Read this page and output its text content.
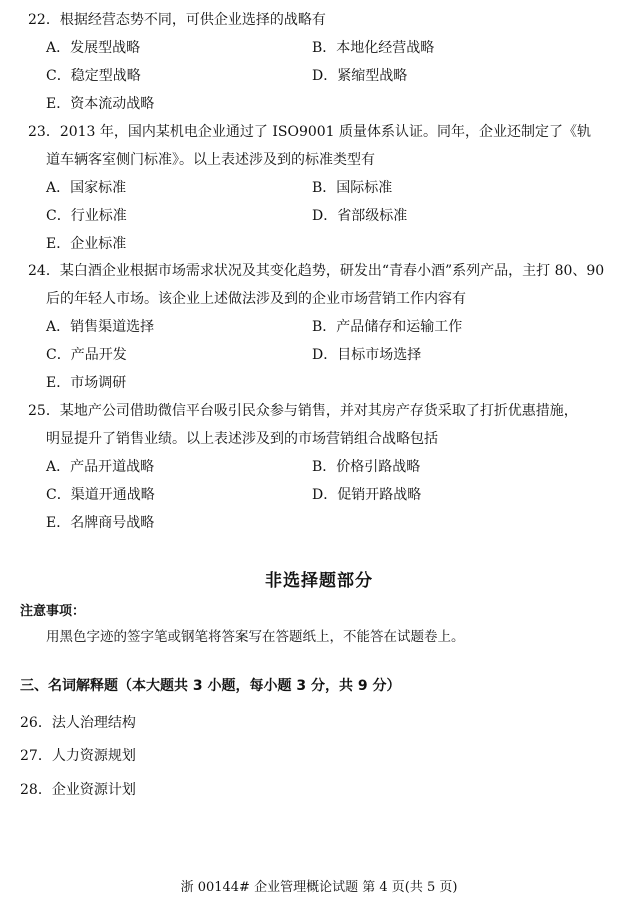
22．根据经营态势不同，可供企业选择的战略有
A．发展型战略	B．本地化经营战略
C．稳定型战略	D．紧缩型战略
E．资本流动战略
23．2013 年，国内某机电企业通过了 ISO9001 质量体系认证。同年，企业还制定了《轨
道车辆客室侧门标准》。以上表述涉及到的标准类型有
A．国家标准	B．国际标准
C．行业标准	D．省部级标准
E．企业标准
24．某白酒企业根据市场需求状况及其变化趋势，研发出“青春小酒”系列产品，主打 80、90
后的年轻人市场。该企业上述做法涉及到的企业市场营销工作内容有
A．销售渠道选择	B．产品储存和运输工作
C．产品开发	D．目标市场选择
E．市场调研
25．某地产公司借助微信平台吸引民众参与销售，并对其房产存货采取了打折优惠措施，
明显提升了销售业绩。以上表述涉及到的市场营销组合战略包括
A．产品开道战略	B．价格引路战略
C．渠道开通战略	D．促销开路战略
E．名牌商号战略
非选择题部分
注意事项：
用黑色字迹的签字笔或钢笔将答案写在答题纸上，不能答在试题卷上。
三、名词解释题（本大题共 3 小题，每小题 3 分，共 9 分）
26．法人治理结构
27．人力资源规划
28．企业资源计划
浙 00144# 企业管理概论试题 第 4 页(共 5 页)
